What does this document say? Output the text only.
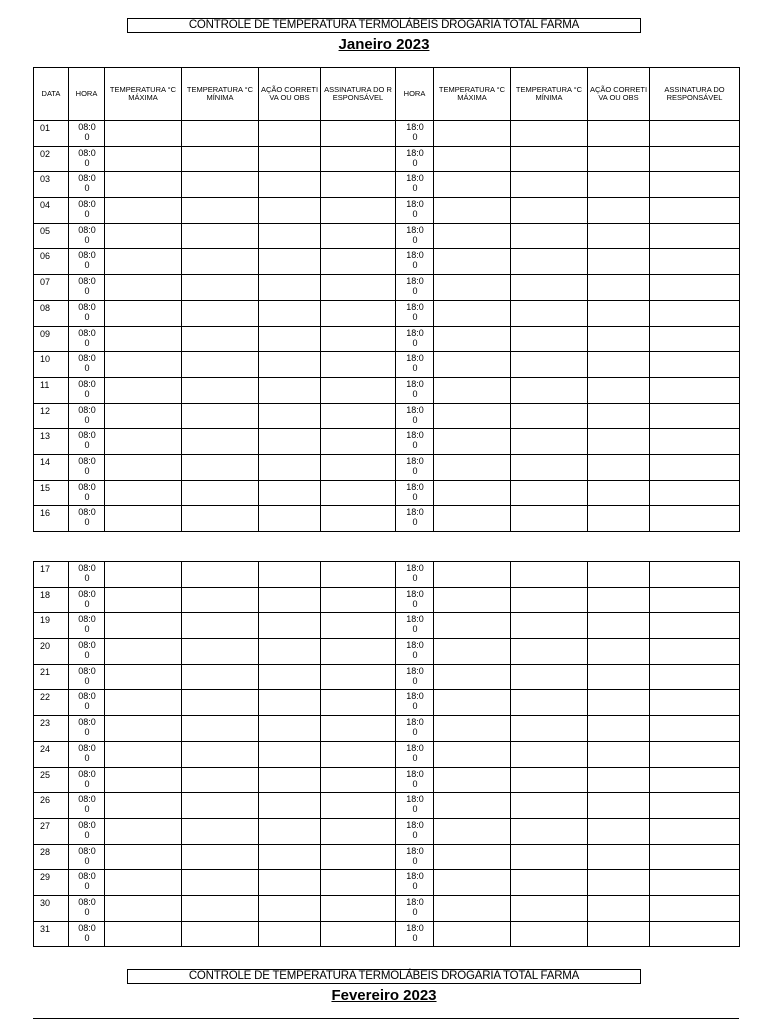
CONTROLE DE TEMPERATURA TERMOLÁBEIS DROGARIA TOTAL FARMA
Janeiro 2023
DATA	HORA	TEMPERATURA °C MÁXIMA	TEMPERATURA °C MÍNIMA	AÇÃO CORRETIVA OU OBS	ASSINATURA DO RESPONSÁVEL	HORA	TEMPERATURA °C MÁXIMA	TEMPERATURA °C MÍNIMA	AÇÃO CORRETIVA OU OBS	ASSINATURA DO RESPONSÁVEL
01	08:00					18:00				

02	08:00					18:00				

03	08:00					18:00				

04	08:00					18:00				

05	08:00					18:00				

06	08:00					18:00				

07	08:00					18:00				

08	08:00					18:00				

09	08:00					18:00				

10	08:00					18:00				

11	08:00					18:00				

12	08:00					18:00				

13	08:00					18:00				

14	08:00					18:00				

15	08:00					18:00				

16	08:00					18:00				

17	08:00					18:00				

18	08:00					18:00				

19	08:00					18:00				

20	08:00					18:00				

21	08:00					18:00				

22	08:00					18:00				

23	08:00					18:00				

24	08:00					18:00				

25	08:00					18:00				

26	08:00					18:00				

27	08:00					18:00				

28	08:00					18:00				

29	08:00					18:00				

30	08:00					18:00				

31	08:00					18:00				

CONTROLE DE TEMPERATURA TERMOLÁBEIS DROGARIA TOTAL FARMA
Fevereiro 2023
